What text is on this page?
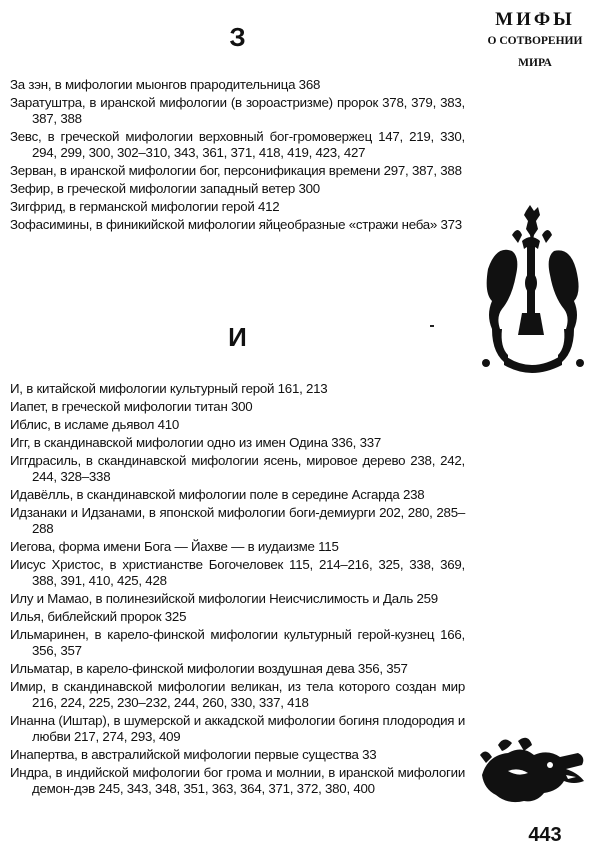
З
За зэн, в мифологии мыонгов прародительница 368
Заратуштра, в иранской мифологии (в зороастризме) пророк 378, 379, 383, 387, 388
Зевс, в греческой мифологии верховный бог-громовержец 147, 219, 330, 294, 299, 300, 302–310, 343, 361, 371, 418, 419, 423, 427
Зерван, в иранской мифологии бог, персонификация времени 297, 387, 388
Зефир, в греческой мифологии западный ветер 300
Зигфрид, в германской мифологии герой 412
Зофасимины, в финикийской мифологии яйцеобразные «стражи неба» 373
И
И, в китайской мифологии культурный герой 161, 213
Иапет, в греческой мифологии титан 300
Иблис, в исламе дьявол 410
Игг, в скандинавской мифологии одно из имен Одина 336, 337
Иггдрасиль, в скандинавской мифологии ясень, мировое дерево 238, 242, 244, 328–338
Идавёлль, в скандинавской мифологии поле в середине Асгарда 238
Идзанаки и Идзанами, в японской мифологии боги-демиурги 202, 280, 285–288
Иегова, форма имени Бога — Йахве — в иудаизме 115
Иисус Христос, в христианстве Богочеловек 115, 214–216, 325, 338, 369, 388, 391, 410, 425, 428
Илу и Мамао, в полинезийской мифологии Неисчислимость и Даль 259
Илья, библейский пророк 325
Ильмаринен, в карело-финской мифологии культурный герой-кузнец 166, 356, 357
Ильматар, в карело-финской мифологии воздушная дева 356, 357
Имир, в скандинавской мифологии великан, из тела которого создан мир 216, 224, 225, 230–232, 244, 260, 330, 337, 418
Инанна (Иштар), в шумерской и аккадской мифологии богиня плодородия и любви 217, 274, 293, 409
Инапертва, в австралийской мифологии первые существа 33
Индра, в индийской мифологии бог грома и молнии, в иранской мифологии демон-дэв 245, 343, 348, 351, 363, 364, 371, 372, 380, 400
МИФЫ
О СОТВОРЕНИИ
МИРА
443
